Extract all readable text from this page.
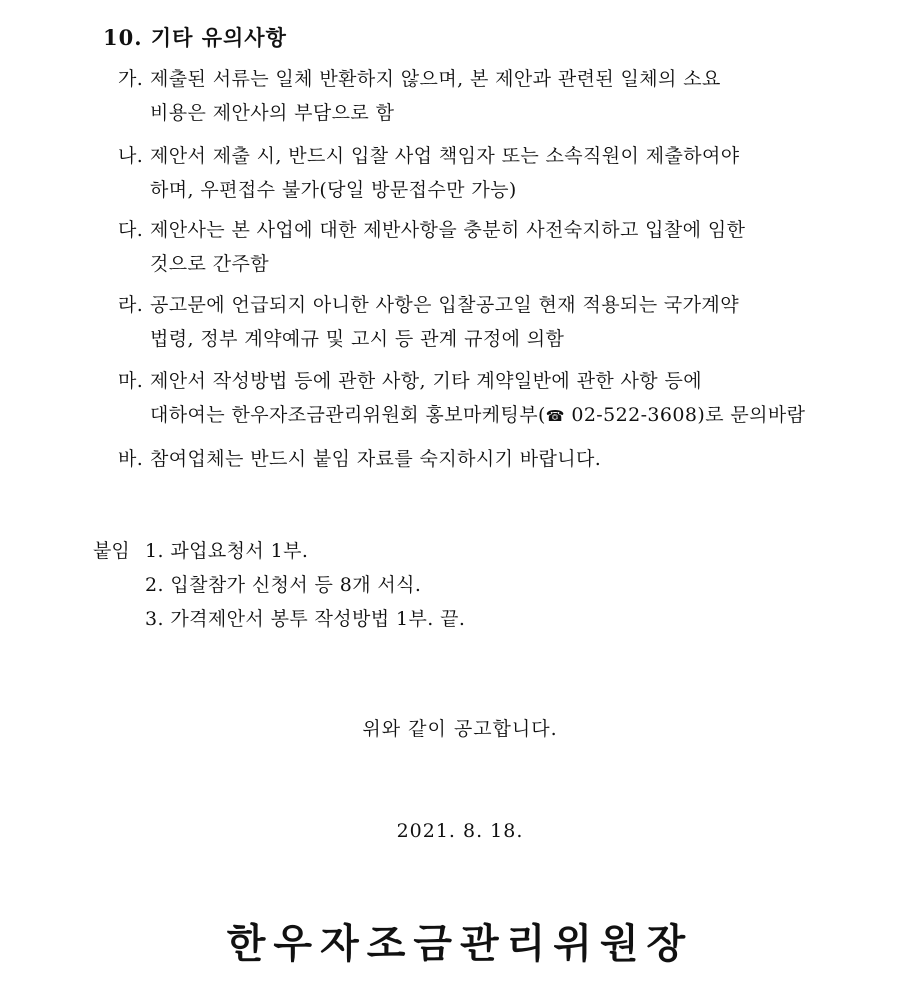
10. 기타 유의사항
가. 제출된 서류는 일체 반환하지 않으며, 본 제안과 관련된 일체의 소요
비용은 제안사의 부담으로 함
나. 제안서 제출 시, 반드시 입찰 사업 책임자 또는 소속직원이 제출하여야
하며, 우편접수 불가(당일 방문접수만 가능)
다. 제안사는 본 사업에 대한 제반사항을 충분히 사전숙지하고 입찰에 임한
것으로 간주함
라. 공고문에 언급되지 아니한 사항은 입찰공고일 현재 적용되는 국가계약
법령, 정부 계약예규 및 고시 등 관계 규정에 의함
마. 제안서 작성방법 등에 관한 사항, 기타 계약일반에 관한 사항 등에
대하여는 한우자조금관리위원회 홍보마케팅부(☎ 02-522-3608)로 문의바람
바. 참여업체는 반드시 붙임 자료를 숙지하시기 바랍니다.
붙임 1. 과업요청서 1부.
2. 입찰참가 신청서 등 8개 서식.
3. 가격제안서 봉투 작성방법 1부. 끝.
위와 같이 공고합니다.
2021. 8. 18.
한우자조금관리위원장
